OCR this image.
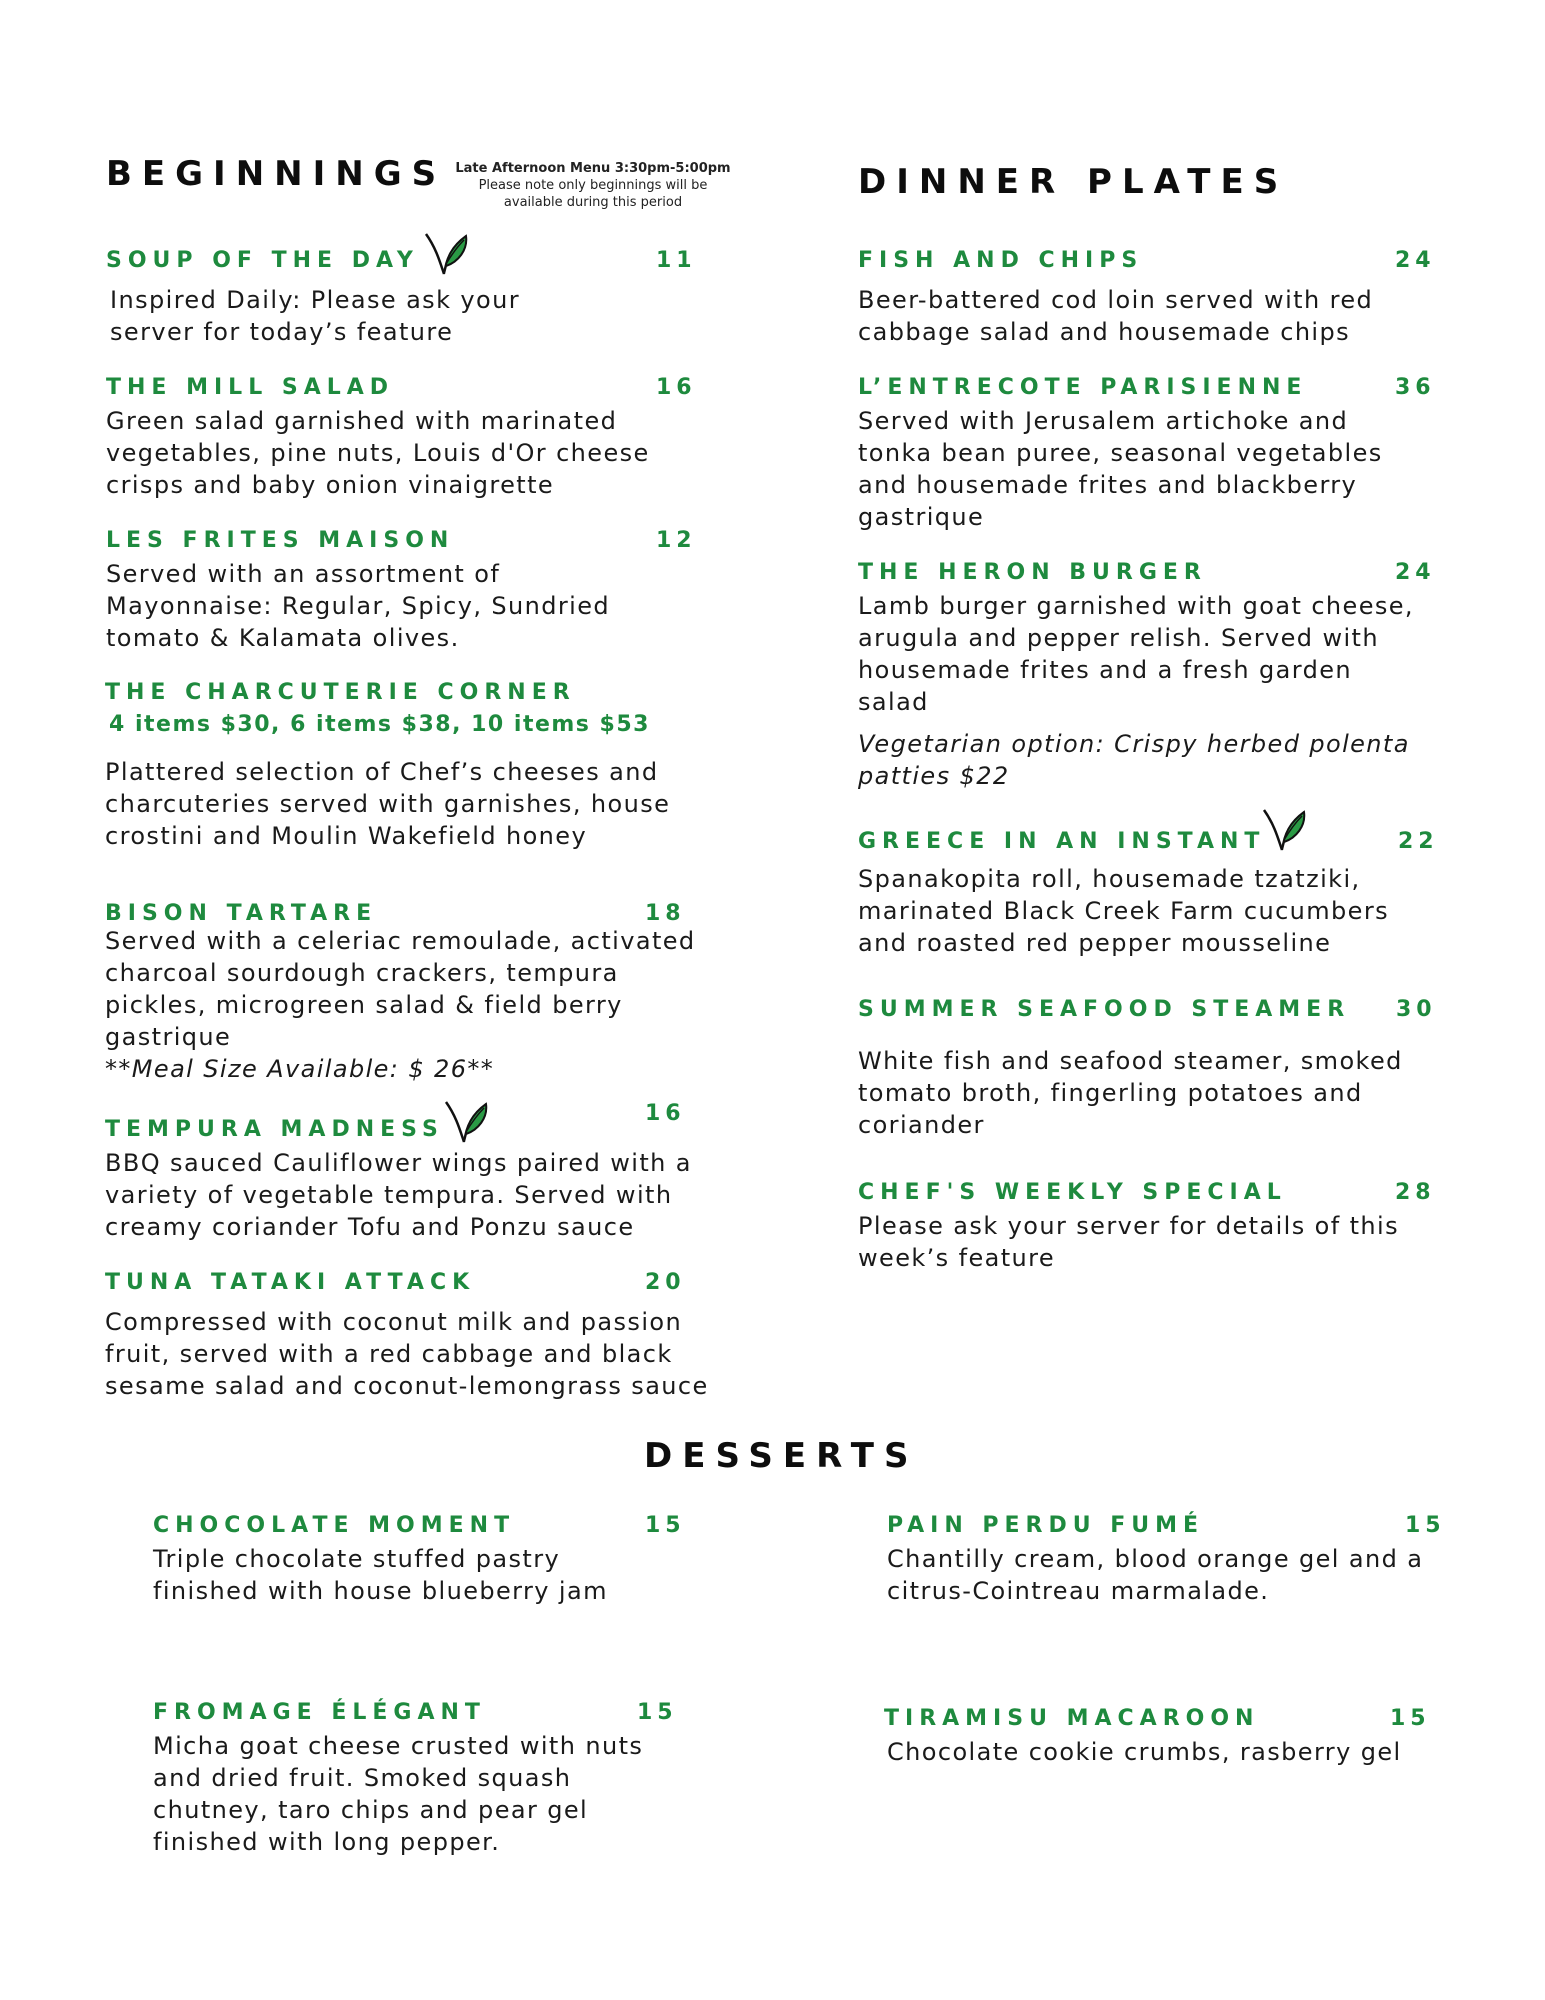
BEGINNINGS Late Afternoon Menu 3:30pm-5:00pm
Please note only beginnings will be
available during this period
SOUP OF THE DAY	11
Inspired Daily: Please ask your
server for today’s feature
THE MILL SALAD	16
Green salad garnished with marinated
vegetables, pine nuts, Louis d'Or cheese
crisps and baby onion vinaigrette
LES FRITES MAISON	12
Served with an assortment of
Mayonnaise: Regular, Spicy, Sundried
tomato & Kalamata olives.
THE CHARCUTERIE CORNER
4 items $30, 6 items $38, 10 items $53
Plattered selection of Chef’s cheeses and
charcuteries served with garnishes, house
crostini and Moulin Wakefield honey
BISON TARTARE	18
Served with a celeriac remoulade, activated
charcoal sourdough crackers, tempura
pickles, microgreen salad & field berry
gastrique
**Meal Size Available: $ 26**
TEMPURA MADNESS
16
BBQ sauced Cauliflower wings paired with a
variety of vegetable tempura. Served with
creamy coriander Tofu and Ponzu sauce
TUNA TATAKI ATTACK	20
Compressed with coconut milk and passion
fruit, served with a red cabbage and black
sesame salad and coconut-lemongrass sauce
DINNER PLATES
FISH AND CHIPS	24
Beer-battered cod loin served with red
cabbage salad and housemade chips
L’ENTRECOTE PARISIENNE	36
Served with Jerusalem artichoke and
tonka bean puree, seasonal vegetables
and housemade frites and blackberry
gastrique
THE HERON BURGER	24
Lamb burger garnished with goat cheese,
arugula and pepper relish. Served with
housemade frites and a fresh garden
salad
Vegetarian option: Crispy herbed polenta
patties $22
GREECE IN AN INSTANT	22
Spanakopita roll, housemade tzatziki,
marinated Black Creek Farm cucumbers
and roasted red pepper mousseline
SUMMER SEAFOOD STEAMER	30
White fish and seafood steamer, smoked
tomato broth, fingerling potatoes and
coriander
CHEF'S WEEKLY SPECIAL	28
Please ask your server for details of this
week’s feature
DESSERTS
CHOCOLATE MOMENT	15
Triple chocolate stuffed pastry
finished with house blueberry jam
PAIN PERDU FUMÉ	15
Chantilly cream, blood orange gel and a
citrus-Cointreau marmalade.
FROMAGE ÉLÉGANT	15
Micha goat cheese crusted with nuts
and dried fruit. Smoked squash
chutney, taro chips and pear gel
finished with long pepper.
TIRAMISU MACAROON	15
Chocolate cookie crumbs, rasberry gel
